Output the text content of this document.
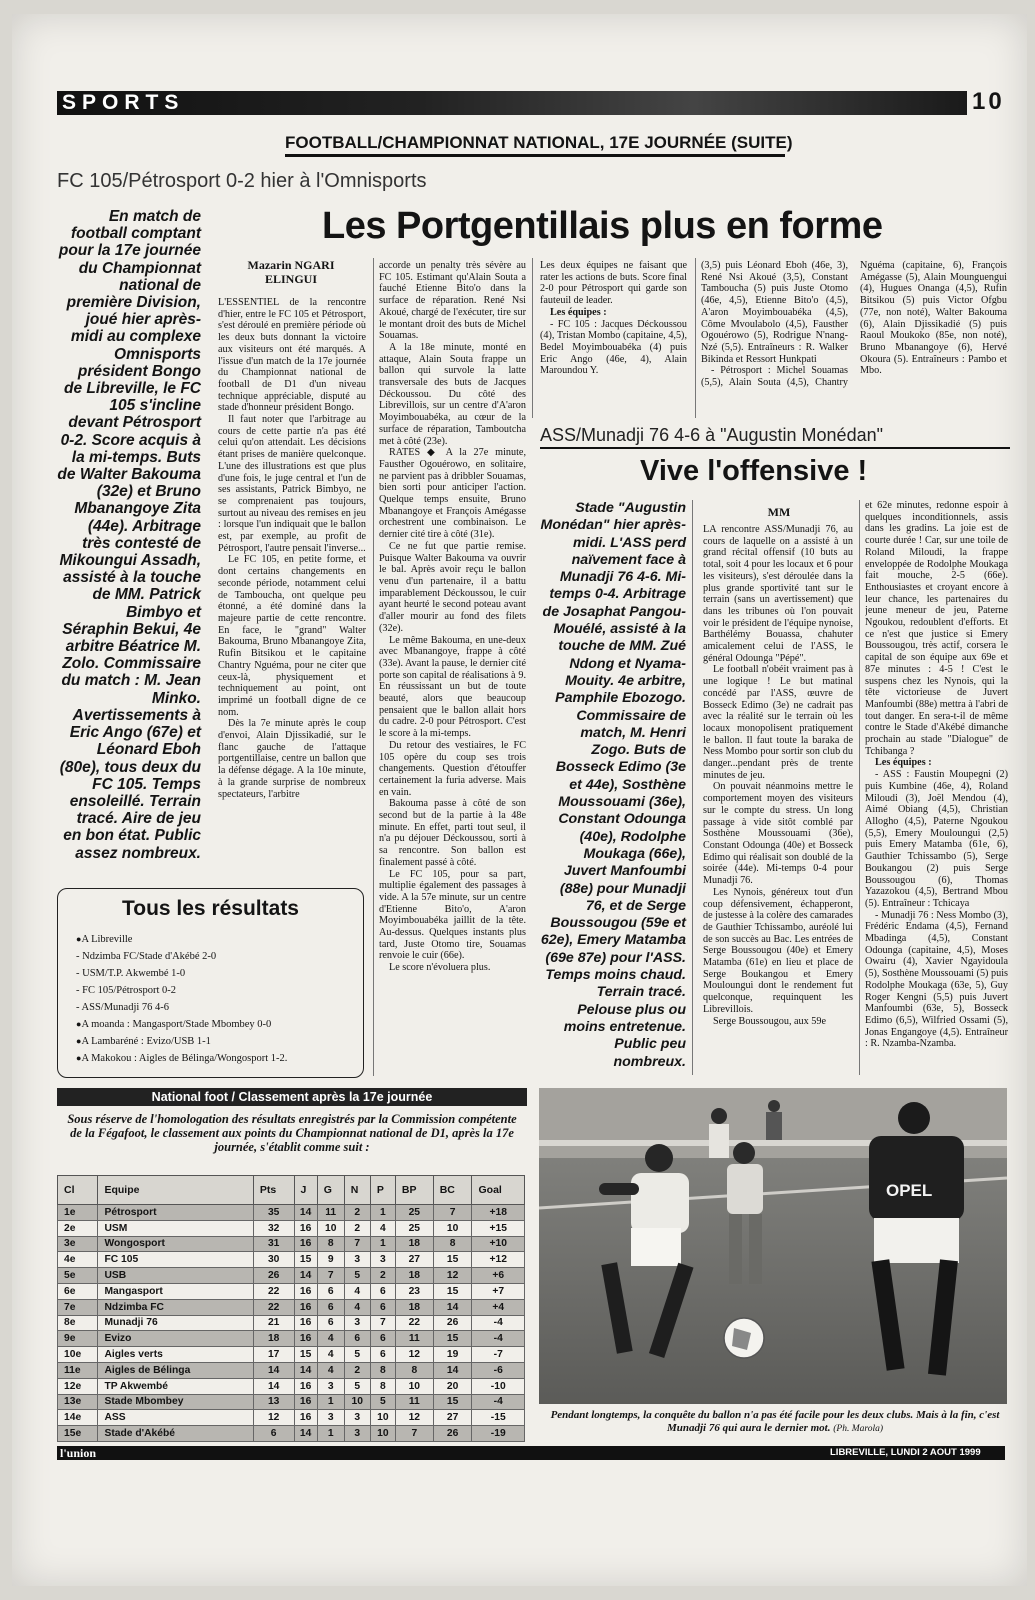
SPORTS	10
FOOTBALL/CHAMPIONNAT NATIONAL, 17E JOURNÉE (SUITE)
FC 105/Pétrosport 0-2 hier à l'Omnisports
Les Portgentillais plus en forme
En match de football comptant pour la 17e journée du Championnat national de première Division, joué hier après-midi au complexe Omnisports président Bongo de Libreville, le FC 105 s'incline devant Pétrosport 0-2. Score acquis à la mi-temps. Buts de Walter Bakouma (32e) et Bruno Mbanangoye Zita (44e). Arbitrage très contesté de Mikoungui Assadh, assisté à la touche de MM. Patrick Bimbyo et Séraphin Bekui, 4e arbitre Béatrice M. Zolo. Commissaire du match : M. Jean Minko. Avertissements à Eric Ango (67e) et Léonard Eboh (80e), tous deux du FC 105. Temps ensoleillé. Terrain tracé. Aire de jeu en bon état. Public assez nombreux.
Mazarin NGARI ELINGUI

L'ESSENTIEL de la rencontre d'hier, entre le FC 105 et Pétrosport, s'est déroulé en première période où les deux buts donnant la victoire aux visiteurs ont été marqués. A l'issue d'un match de la 17e journée du Championnat national de football de D1 d'un niveau technique appréciable, disputé au stade d'honneur président Bongo.

Il faut noter que l'arbitrage au cours de cette partie n'a pas été celui qu'on attendait. Les décisions étant prises de manière quelconque. L'une des illustrations est que plus d'une fois, le juge central et l'un de ses assistants, Patrick Bimbyo, ne se comprenaient pas toujours, surtout au niveau des remises en jeu : lorsque l'un indiquait que le ballon est, par exemple, au profit de Pétrosport, l'autre pensait l'inverse...

Le FC 105, en petite forme, et dont certains changements en seconde période, notamment celui de Tamboucha, ont quelque peu étonné, a été dominé dans la majeure partie de cette rencontre. En face, le "grand" Walter Bakouma, Bruno Mbanangoye Zita, Rufin Bitsikou et le capitaine Chantry Nguéma, pour ne citer que ceux-là, physiquement et techniquement au point, ont imprimé un football digne de ce nom.

Dès la 7e minute après le coup d'envoi, Alain Djissikadié, sur le flanc gauche de l'attaque portgentillaise, centre un ballon que la défense dégage. A la 10e minute, à la grande surprise de nombreux spectateurs, l'arbitre

accorde un penalty très sévère au FC 105. Estimant qu'Alain Souta a fauché Etienne Bito'o dans la surface de réparation. René Nsi Akoué, chargé de l'exécuter, tire sur le montant droit des buts de Michel Souamas.

A la 18e minute, monté en attaque, Alain Souta frappe un ballon qui survole la latte transversale des buts de Jacques Déckoussou. Du côté des Librevillois, sur un centre d'A'aron Moyimbouabéka, au cœur de la surface de réparation, Tamboutcha met à côté (23e).

RATES ◆ A la 27e minute, Fausther Ogouérowo, en solitaire, ne parvient pas à dribbler Souamas, bien sorti pour anticiper l'action. Quelque temps ensuite, Bruno Mbanangoye et François Amégasse orchestrent une combinaison. Le dernier cité tire à côté (31e).

Ce ne fut que partie remise. Puisque Walter Bakouma va ouvrir le bal. Après avoir reçu le ballon venu d'un partenaire, il a battu imparablement Déckoussou, le cuir ayant heurté le second poteau avant d'aller mourir au fond des filets (32e).

Le même Bakouma, en une-deux avec Mbanangoye, frappe à côté (33e). Avant la pause, le dernier cité porte son capital de réalisations à 9. En réussissant un but de toute beauté, alors que beaucoup pensaient que le ballon allait hors du cadre. 2-0 pour Pétrosport. C'est le score à la mi-temps.

Du retour des vestiaires, le FC 105 opère du coup ses trois changements. Question d'étouffer certainement la furia adverse. Mais en vain.

Bakouma passe à côté de son second but de la partie à la 48e minute. En effet, parti tout seul, il n'a pu déjouer Déckoussou, sorti à sa rencontre. Son ballon est finalement passé à côté.

Le FC 105, pour sa part, multiplie également des passages à vide. A la 57e minute, sur un centre d'Etienne Bito'o, A'aron Moyimbouabéka jaillit de la tête. Au-dessus. Quelques instants plus tard, Juste Otomo tire, Souamas renvoie le cuir (66e).

Le score n'évoluera plus.

Les deux équipes ne faisant que rater les actions de buts. Score final 2-0 pour Pétrosport qui garde son fauteuil de leader.

Les équipes :

- FC 105 : Jacques Déckoussou (4), Tristan Mombo (capitaine, 4,5), Bedel Moyimbouabéka (4) puis Eric Ango (46e, 4), Alain Maroundou Y.

(3,5) puis Léonard Eboh (46e, 3), René Nsi Akoué (3,5), Constant Tamboucha (5) puis Juste Otomo (46e, 4,5), Etienne Bito'o (4,5), A'aron Moyimbouabéka (4,5), Côme Mvoulabolo (4,5), Fausther Ogouérowo (5), Rodrigue N'nang-Nzé (5,5). Entraîneurs : R. Walker Bikinda et Ressort Hunkpati

- Pétrosport : Michel Souamas (5,5), Alain Souta (4,5), Chantry Nguéma (capitaine, 6), François Amégasse (5), Alain Mounguengui (4), Hugues Onanga (4,5), Rufin Bitsikou (5) puis Victor Ofgbu (77e, non noté), Walter Bakouma (6), Alain Djissikadié (5) puis Raoul Moukoko (85e, non noté), Bruno Mbanangoye (6), Hervé Okoura (5). Entraîneurs : Pambo et Mbo.

Tous les résultats
● A Libreville
- Ndzimba FC/Stade d'Akébé 2-0
- USM/T.P. Akwembé 1-0
- FC 105/Pétrosport 0-2
- ASS/Munadji 76 4-6
● A moanda : Mangasport/Stade Mbombey 0-0
● A Lambaréné : Evizo/USB 1-1
● A Makokou : Aigles de Bélinga/Wongosport 1-2.
National foot / Classement après la 17e journée
Sous réserve de l'homologation des résultats enregistrés par la Commission compétente de la Fégafoot, le classement aux points du Championnat national de D1, après la 17e journée, s'établit comme suit :
Cl	Equipe	Pts	J	G	N	P	BP	BC	Goal
1e	Pétrosport	35	14	11	2	1	25	7	+18
2e	USM	32	16	10	2	4	25	10	+15
3e	Wongosport	31	16	8	7	1	18	8	+10
4e	FC 105	30	15	9	3	3	27	15	+12
5e	USB	26	14	7	5	2	18	12	+6
6e	Mangasport	22	16	6	4	6	23	15	+7
7e	Ndzimba FC	22	16	6	4	6	18	14	+4
8e	Munadji 76	21	16	6	3	7	22	26	-4
9e	Evizo	18	16	4	6	6	11	15	-4
10e	Aigles verts	17	15	4	5	6	12	19	-7
11e	Aigles de Bélinga	14	14	4	2	8	8	14	-6
12e	TP Akwembé	14	16	3	5	8	10	20	-10
13e	Stade Mbombey	13	16	1	10	5	11	15	-4
14e	ASS	12	16	3	3	10	12	27	-15
15e	Stade d'Akébé	6	14	1	3	10	7	26	-19
ASS/Munadji 76 4-6 à "Augustin Monédan"
Vive l'offensive !
Stade "Augustin Monédan" hier après-midi. L'ASS perd naïvement face à Munadji 76 4-6. Mi-temps 0-4. Arbitrage de Josaphat Pangou-Mouélé, assisté à la touche de MM. Zué Ndong et Nyama-Mouity. 4e arbitre, Pamphile Ebozogo. Commissaire de match, M. Henri Zogo. Buts de Bosseck Edimo (3e et 44e), Sosthène Moussouami (36e), Constant Odounga (40e), Rodolphe Moukaga (66e), Juvert Manfoumbi (88e) pour Munadji 76, et de Serge Boussougou (59e et 62e), Emery Matamba (69e 87e) pour l'ASS. Temps moins chaud. Terrain tracé. Pelouse plus ou moins entretenue. Public peu nombreux.
MM

LA rencontre ASS/Munadji 76, au cours de laquelle on a assisté à un grand récital offensif (10 buts au total, soit 4 pour les locaux et 6 pour les visiteurs), s'est déroulée dans la plus grande sportivité tant sur le terrain (sans un avertissement) que dans les tribunes où l'on pouvait voir le président de l'équipe nynoise, Barthélémy Bouassa, chahuter amicalement celui de l'ASS, le général Odounga "Pépé".

Le football n'obéit vraiment pas à une logique ! Le but matinal concédé par l'ASS, œuvre de Bosseck Edimo (3e) ne cadrait pas avec la réalité sur le terrain où les locaux monopolisent pratiquement le ballon. Il faut toute la baraka de Ness Mombo pour sortir son club du danger...pendant près de trente minutes de jeu.

On pouvait néanmoins mettre le comportement moyen des visiteurs sur le compte du stress. Un long passage à vide sitôt comblé par Sosthène Moussouami (36e), Constant Odounga (40e) et Bosseck Edimo qui réalisait son doublé de la soirée (44e). Mi-temps 0-4 pour Munadji 76.

Les Nynois, généreux tout d'un coup défensivement, échapperont, de justesse à la colère des camarades de Gauthier Tchissambo, auréolé lui de son succès au Bac. Les entrées de Serge Boussougou (40e) et Emery Matamba (61e) en lieu et place de Serge Boukangou et Emery Mouloungui dont le rendement fut quelconque, requinquent les Librevillois.

Serge Boussougou, aux 59e

et 62e minutes, redonne espoir à quelques inconditionnels, assis dans les gradins. La joie est de courte durée ! Car, sur une toile de Roland Miloudi, la frappe enveloppée de Rodolphe Moukaga fait mouche, 2-5 (66e). Enthousiastes et croyant encore à leur chance, les partenaires du jeune meneur de jeu, Paterne Ngoukou, redoublent d'efforts. Et ce n'est que justice si Emery Boussougou, très actif, corsera le capital de son équipe aux 69e et 87e minutes : 4-5 ! C'est le suspens chez les Nynois, qui la tête victorieuse de Juvert Manfoumbi (88e) mettra à l'abri de tout danger. En sera-t-il de même contre le Stade d'Akébé dimanche prochain au stade "Dialogue" de Tchibanga ?

Les équipes :

- ASS : Faustin Moupegni (2) puis Kumbine (46e, 4), Roland Miloudi (3), Joël Mendou (4), Aimé Obiang (4,5), Christian Allogho (4,5), Paterne Ngoukou (5,5), Emery Mouloungui (2,5) puis Emery Matamba (61e, 6), Gauthier Tchissambo (5), Serge Boukangou (2) puis Serge Boussougou (6), Thomas Yazazokou (4,5), Bertrand Mbou (5). Entraîneur : Tchicaya

- Munadji 76 : Ness Mombo (3), Frédéric Endama (4,5), Fernand Mbadinga (4,5), Constant Odounga (capitaine, 4,5), Moses Owairu (4), Xavier Ngayidoula (5), Sosthène Moussouami (5) puis Rodolphe Moukaga (63e, 5), Guy Roger Kengni (5,5) puis Juvert Manfoumbi (63e, 5), Bosseck Edimo (6,5), Wilfried Ossami (5), Jonas Engangoye (4,5). Entraîneur : R. Nzamba-Nzamba.

OPEL
Pendant longtemps, la conquête du ballon n'a pas été facile pour les deux clubs. Mais à la fin, c'est Munadji 76 qui aura le dernier mot. (Ph. Marola)
l'union	LIBREVILLE, LUNDI 2 AOUT 1999
